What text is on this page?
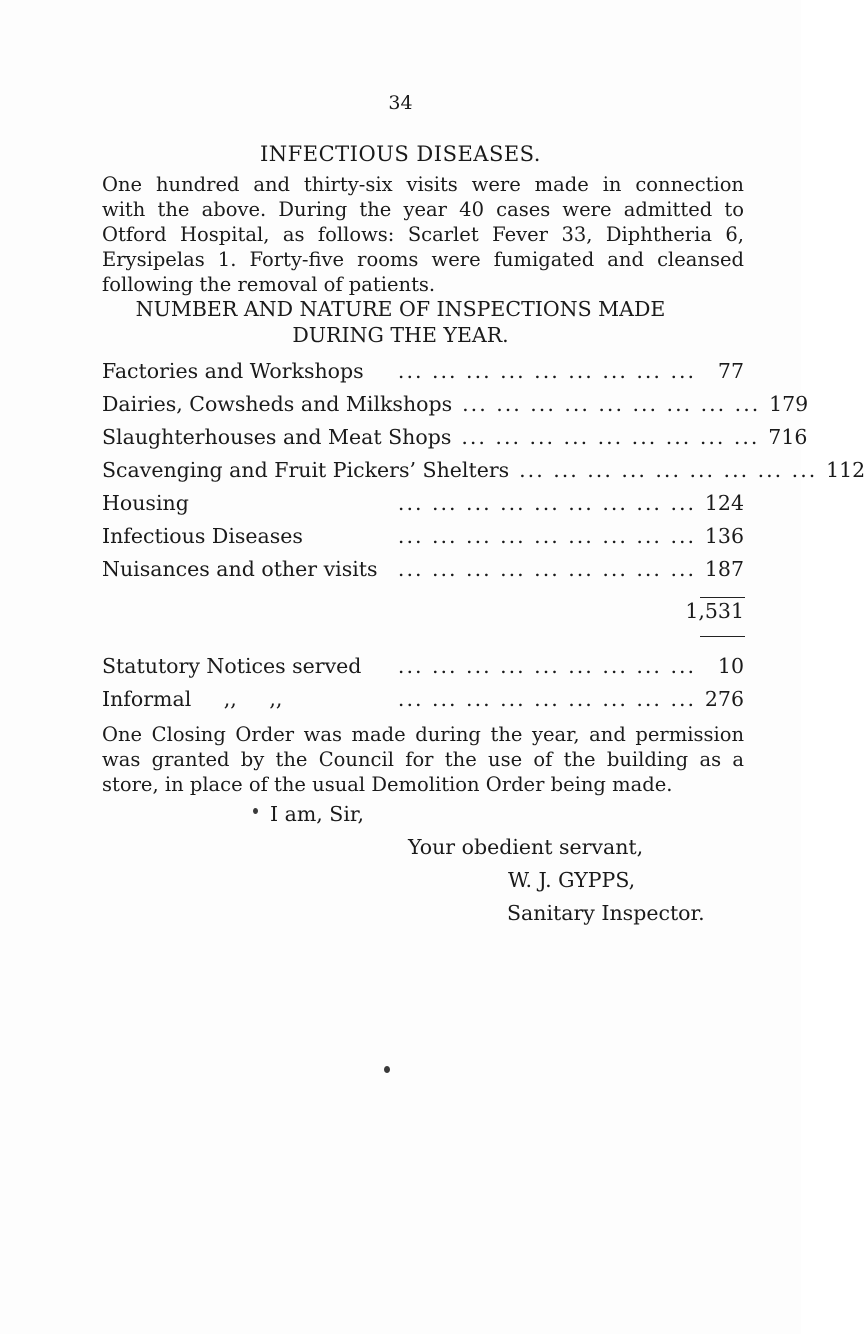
34
INFECTIOUS DISEASES.
One hundred and thirty-six visits were made in connection
with the above. During the year 40 cases were admitted to
Otford Hospital, as follows: Scarlet Fever 33, Diphtheria 6,
Erysipelas 1. Forty-five rooms were fumigated and cleansed
following the removal of patients.
NUMBER AND NATURE OF INSPECTIONS MADE
DURING THE YEAR.
Factories and Workshops	... ... ... ... ... ... ... ... ...	77
Dairies, Cowsheds and Milkshops ... ... ... ... ... ... ... ... ... 179
Slaughterhouses and Meat Shops ... ... ... ... ... ... ... ... ... 716
Scavenging and Fruit Pickers’ Shelters ... ... ... ... ... ... ... ... ... 112
Housing	... ... ... ... ... ... ... ... ... 124
Infectious Diseases	... ... ... ... ... ... ... ... ... 136
Nuisances and other visits ... ... ... ... ... ... ... ... ... 187
1,531
Statutory Notices served	... ... ... ... ... ... ... ... ...	10
Informal ,, ,,	... ... ... ... ... ... ... ... ... 276
One Closing Order was made during the year, and permission
was granted by the Council for the use of the building as a
store, in place of the usual Demolition Order being made.
I am, Sir,
Your obedient servant,
W. J. GYPPS,
Sanitary Inspector.
